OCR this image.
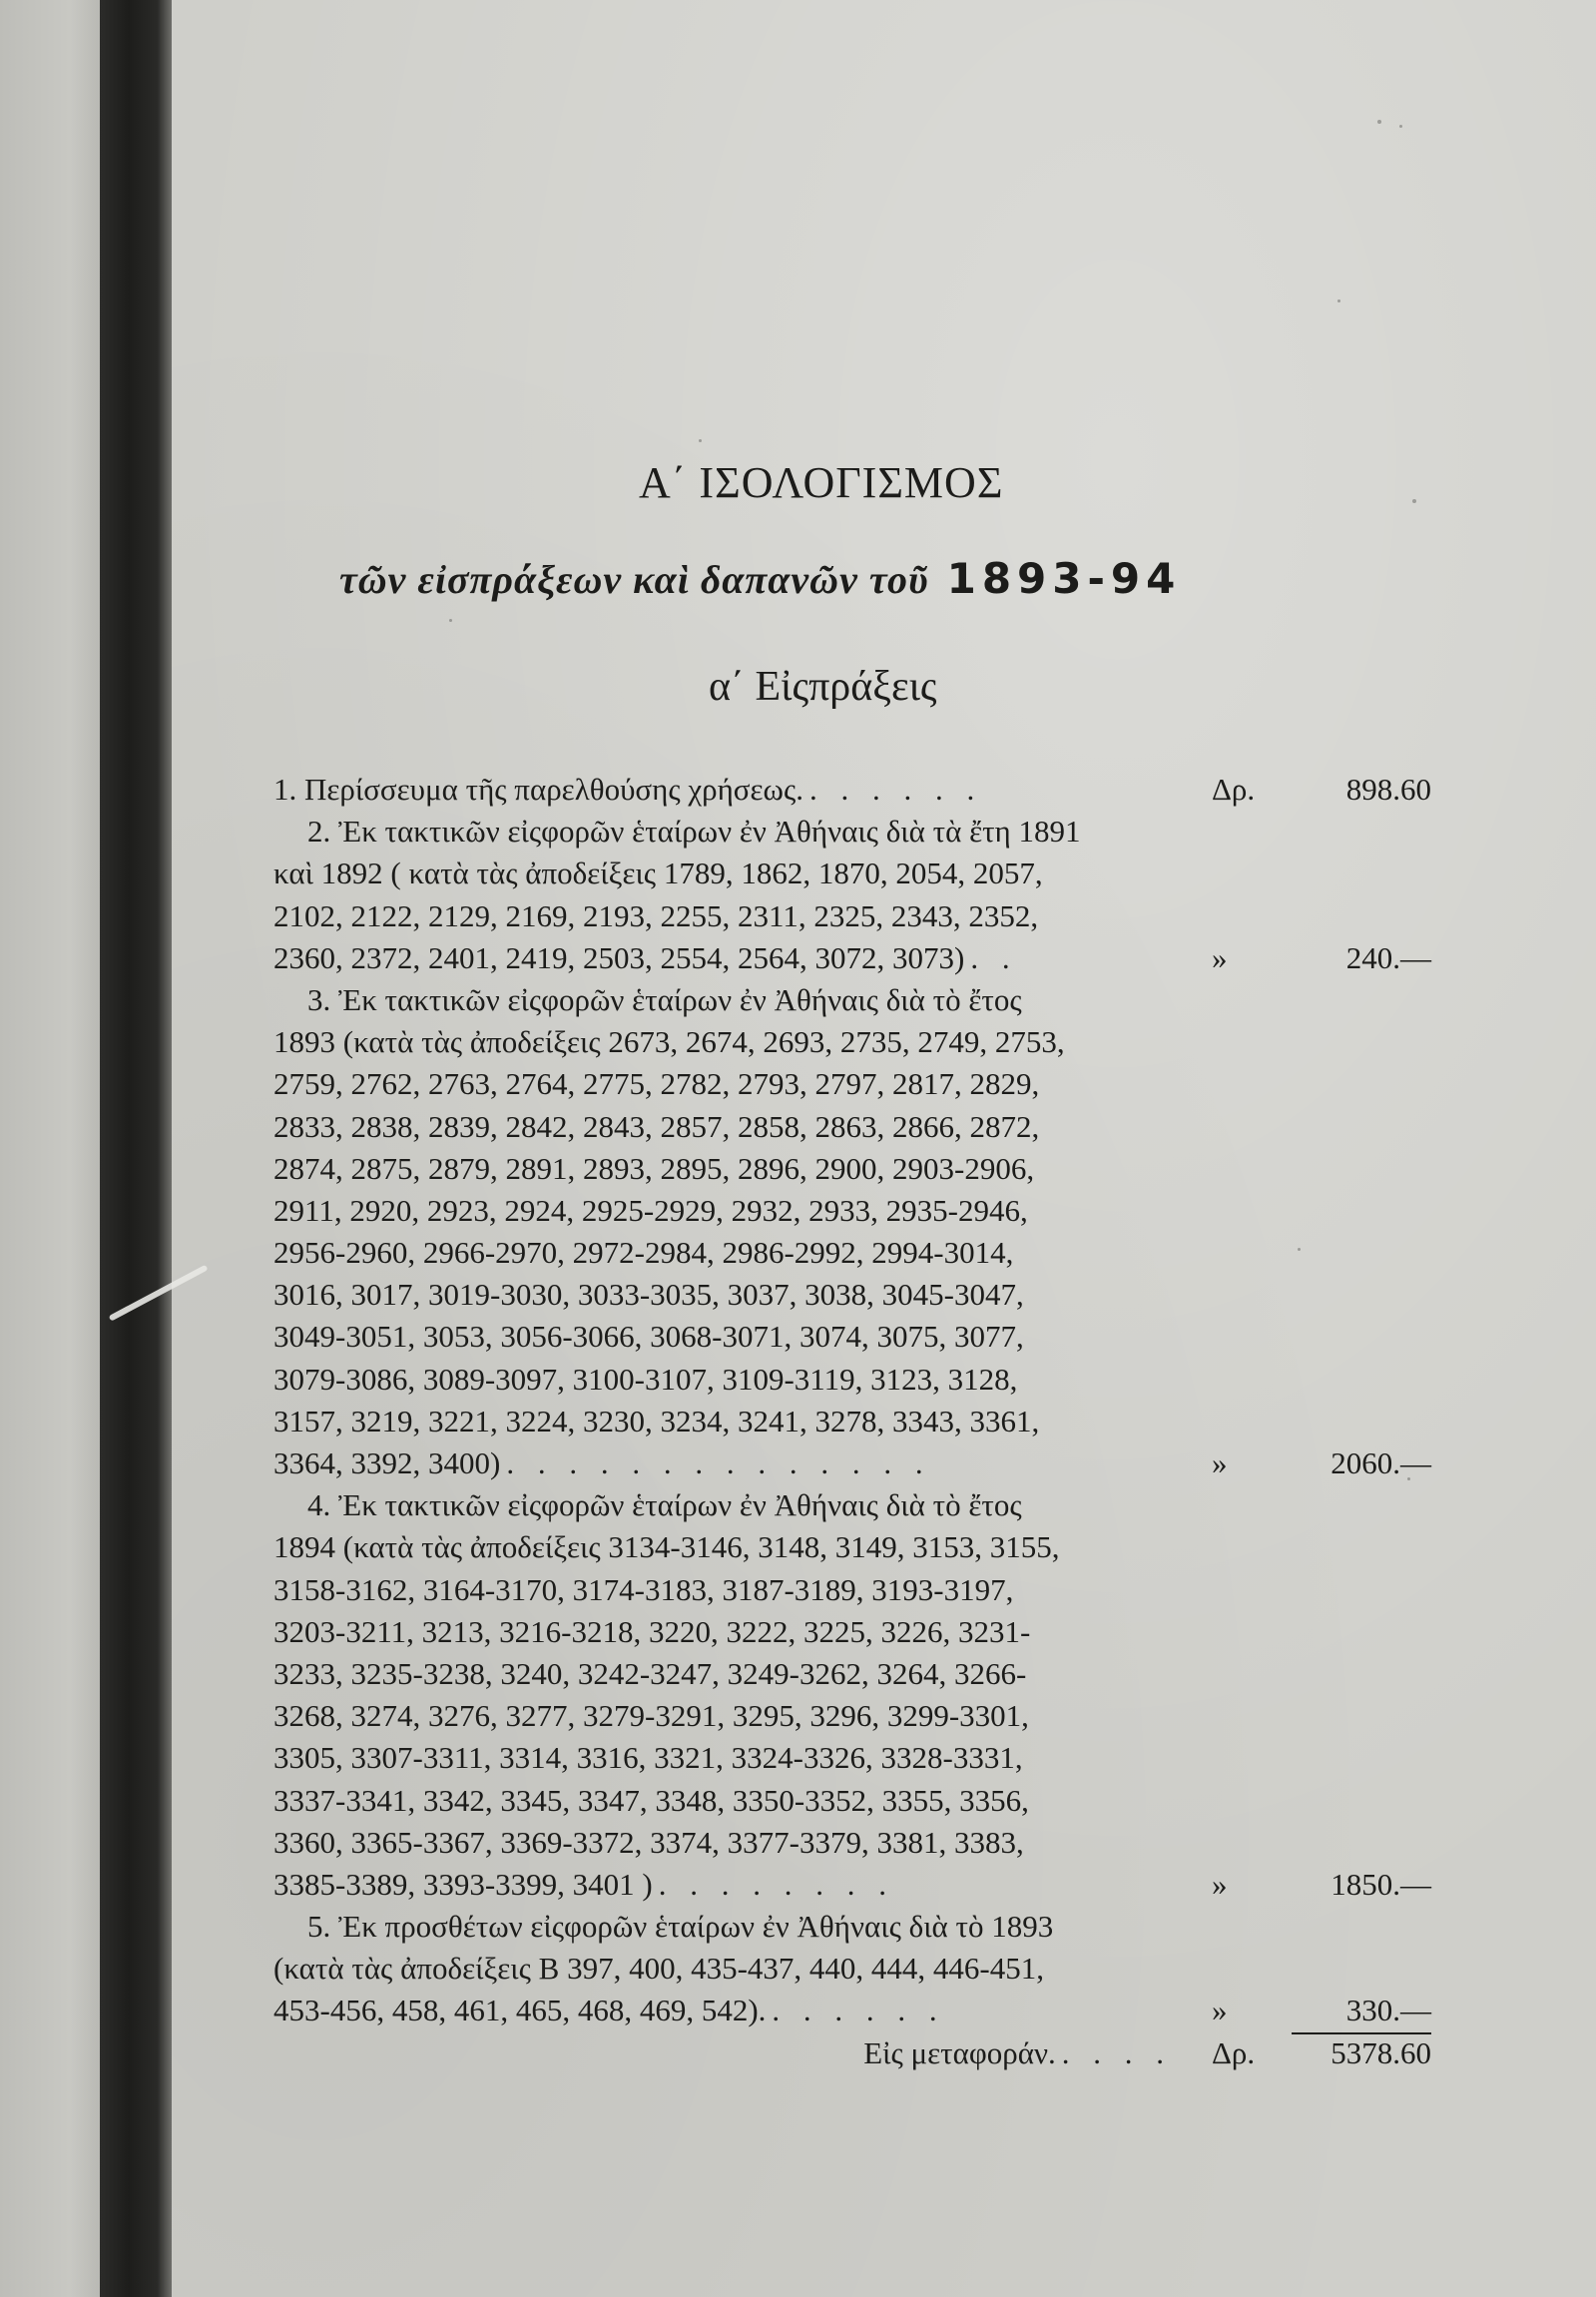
Α΄ ΙΣΟΛΟΓΙΣΜΟΣ
τῶν εἰσπράξεων καὶ δαπανῶν τοῦ 1893-94
α΄ Εἰςπράξεις
1. Περίσσευμα τῆς παρελθούσης χρήσεως. . . . . . .	Δρ.	898.60
2. Ἐκ τακτικῶν εἰςφορῶν ἑταίρων ἐν Ἀθήναις διὰ τὰ ἔτη 1891
καὶ 1892 ( κατὰ τὰς ἀποδείξεις 1789, 1862, 1870, 2054, 2057,
2102, 2122, 2129, 2169, 2193, 2255, 2311, 2325, 2343, 2352,
2360, 2372, 2401, 2419, 2503, 2554, 2564, 3072, 3073) . .	»	240.—
3. Ἐκ τακτικῶν εἰςφορῶν ἑταίρων ἐν Ἀθήναις διὰ τὸ ἔτος
1893 (κατὰ τὰς ἀποδείξεις 2673, 2674, 2693, 2735, 2749, 2753,
2759, 2762, 2763, 2764, 2775, 2782, 2793, 2797, 2817, 2829,
2833, 2838, 2839, 2842, 2843, 2857, 2858, 2863, 2866, 2872,
2874, 2875, 2879, 2891, 2893, 2895, 2896, 2900, 2903-2906,
2911, 2920, 2923, 2924, 2925-2929, 2932, 2933, 2935-2946,
2956-2960, 2966-2970, 2972-2984, 2986-2992, 2994-3014,
3016, 3017, 3019-3030, 3033-3035, 3037, 3038, 3045-3047,
3049-3051, 3053, 3056-3066, 3068-3071, 3074, 3075, 3077,
3079-3086, 3089-3097, 3100-3107, 3109-3119, 3123, 3128,
3157, 3219, 3221, 3224, 3230, 3234, 3241, 3278, 3343, 3361,
3364, 3392, 3400) . . . . . . . . . . . . . .	»	2060.—
4. Ἐκ τακτικῶν εἰςφορῶν ἑταίρων ἐν Ἀθήναις διὰ τὸ ἔτος
1894 (κατὰ τὰς ἀποδείξεις 3134-3146, 3148, 3149, 3153, 3155,
3158-3162, 3164-3170, 3174-3183, 3187-3189, 3193-3197,
3203-3211, 3213, 3216-3218, 3220, 3222, 3225, 3226, 3231-
3233, 3235-3238, 3240, 3242-3247, 3249-3262, 3264, 3266-
3268, 3274, 3276, 3277, 3279-3291, 3295, 3296, 3299-3301,
3305, 3307-3311, 3314, 3316, 3321, 3324-3326, 3328-3331,
3337-3341, 3342, 3345, 3347, 3348, 3350-3352, 3355, 3356,
3360, 3365-3367, 3369-3372, 3374, 3377-3379, 3381, 3383,
3385-3389, 3393-3399, 3401 ) . . . . . . . .	»	1850.—
5. Ἐκ προσθέτων εἰςφορῶν ἑταίρων ἐν Ἀθήναις διὰ τὸ 1893
(κατὰ τὰς ἀποδείξεις Β 397, 400, 435-437, 440, 444, 446-451,
453-456, 458, 461, 465, 468, 469, 542). . . . . . .	»	330.—
Εἰς μεταφοράν. . . . . Δρ.	5378.60
